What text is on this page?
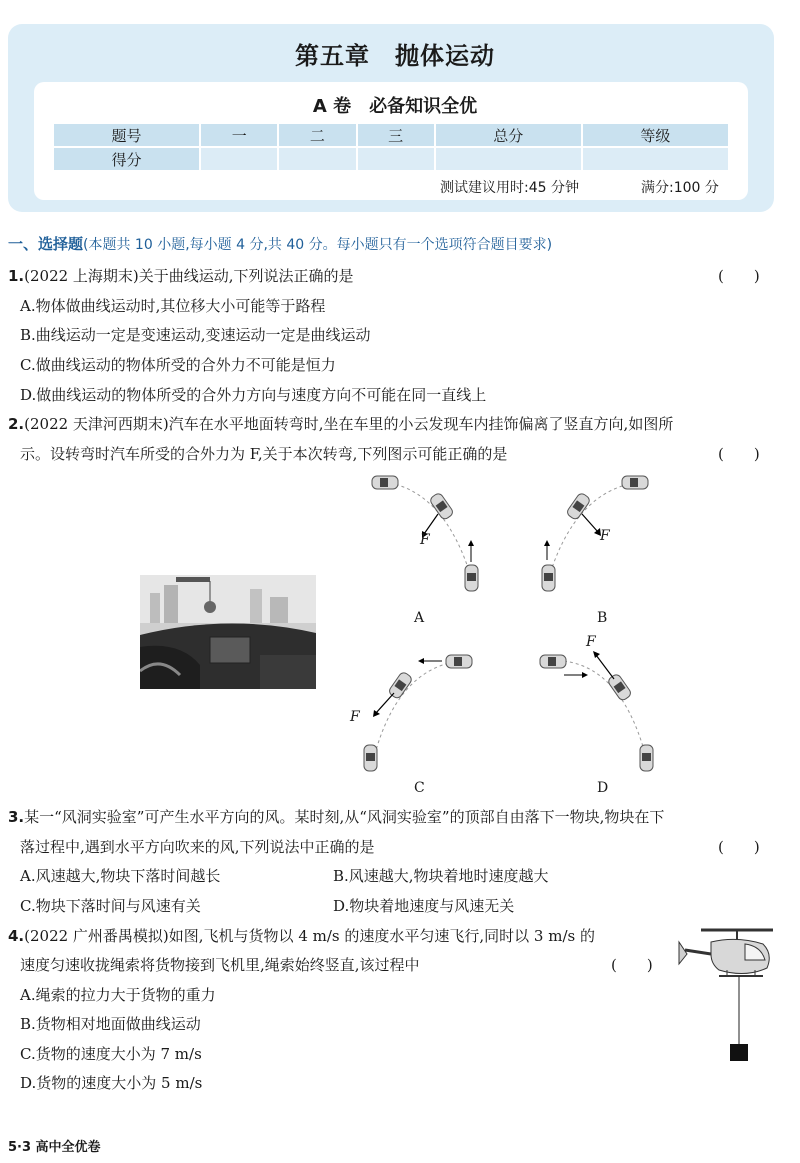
第五章　抛体运动
A 卷　必备知识全优
题号	一	二	三	总分	等级
得分					
测试建议用时:45 分钟	满分:100 分
一、选择题(本题共 10 小题,每小题 4 分,共 40 分。每小题只有一个选项符合题目要求)
1.(2022 上海期末)关于曲线运动,下列说法正确的是	(　　)
A.物体做曲线运动时,其位移大小可能等于路程
B.曲线运动一定是变速运动,变速运动一定是曲线运动
C.做曲线运动的物体所受的合外力不可能是恒力
D.做曲线运动的物体所受的合外力方向与速度方向不可能在同一直线上
2.(2022 天津河西期末)汽车在水平地面转弯时,坐在车里的小云发现车内挂饰偏离了竖直方向,如图所
示。设转弯时汽车所受的合外力为 F,关于本次转弯,下列图示可能正确的是	(　　)
F
A
F
B
F
C
F
D
3.某一“风洞实验室”可产生水平方向的风。某时刻,从“风洞实验室”的顶部自由落下一物块,物块在下
落过程中,遇到水平方向吹来的风,下列说法中正确的是	(　　)
A.风速越大,物块下落时间越长	B.风速越大,物块着地时速度越大
C.物块下落时间与风速有关	D.物块着地速度与风速无关
4.(2022 广州番禺模拟)如图,飞机与货物以 4 m/s 的速度水平匀速飞行,同时以 3 m/s 的
速度匀速收拢绳索将货物接到飞机里,绳索始终竖直,该过程中	(　　)
A.绳索的拉力大于货物的重力
B.货物相对地面做曲线运动
C.货物的速度大小为 7 m/s
D.货物的速度大小为 5 m/s
5·3 高中全优卷
